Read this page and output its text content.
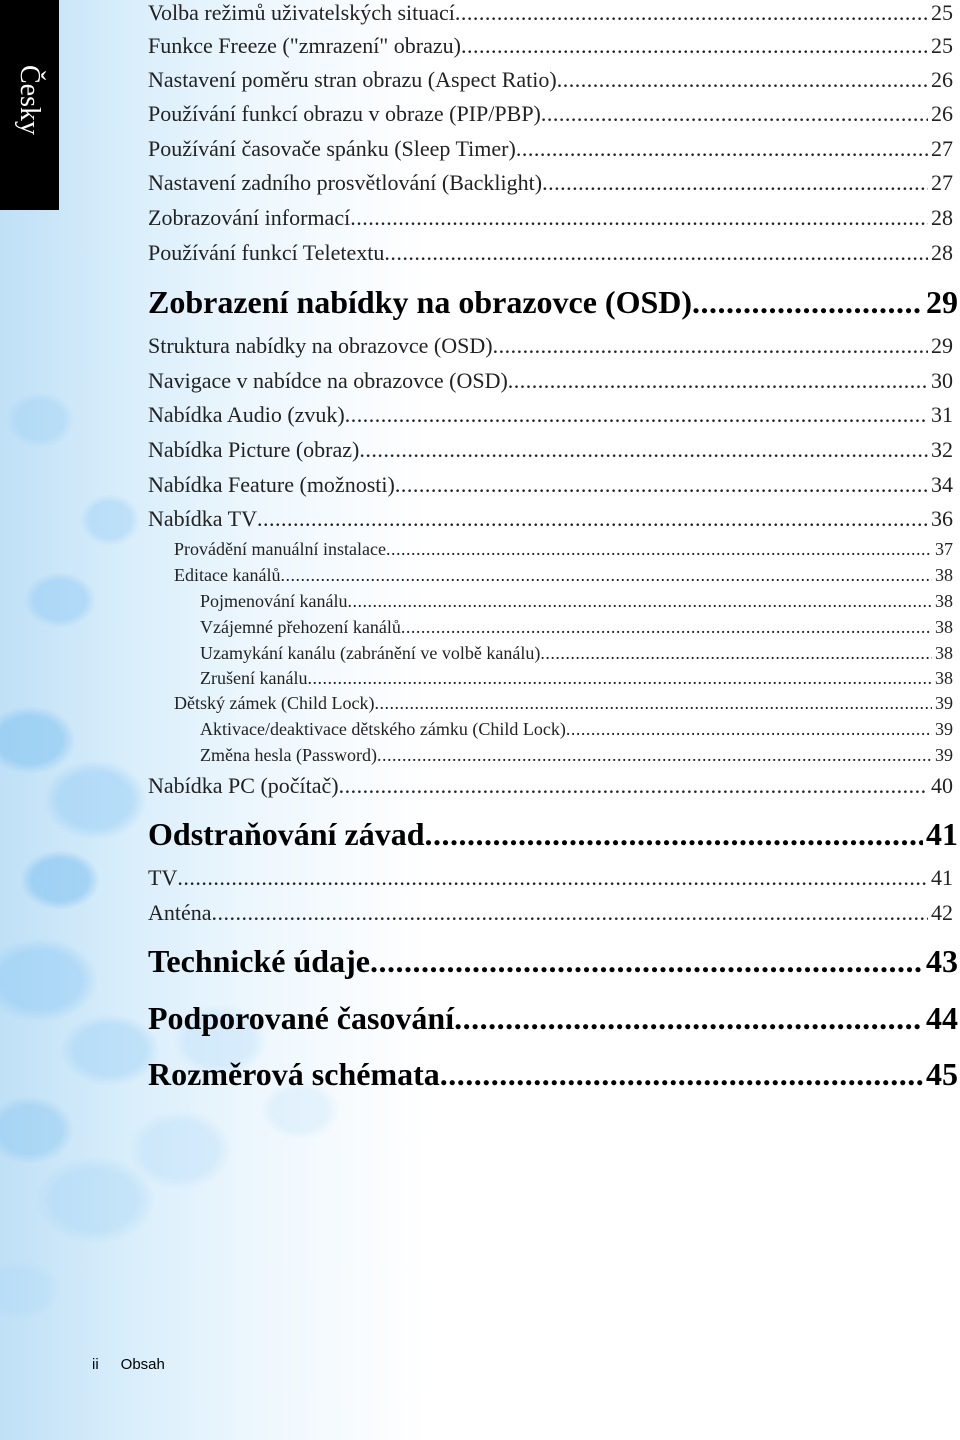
Česky
Volba režimů uživatelských situací .....	25
Funkce Freeze ("zmrazení" obrazu) .....	25
Nastavení poměru stran obrazu (Aspect Ratio) .....	26
Používání funkcí obrazu v obraze (PIP/PBP) .....	26
Používání časovače spánku (Sleep Timer) .....	27
Nastavení zadního prosvětlování (Backlight) .....	27
Zobrazování informací .....	28
Používání funkcí Teletextu .....	28
Zobrazení nabídky na obrazovce (OSD) .....	29
Struktura nabídky na obrazovce (OSD) .....	29
Navigace v nabídce na obrazovce (OSD) .....	30
Nabídka Audio (zvuk) .....	31
Nabídka Picture (obraz) .....	32
Nabídka Feature (možnosti) .....	34
Nabídka TV .....	36
Provádění manuální instalace .....	37
Editace kanálů .....	38
Pojmenování kanálu .....	38
Vzájemné přehození kanálů .....	38
Uzamykání kanálu (zabránění ve volbě kanálu) .....	38
Zrušení kanálu .....	38
Dětský zámek (Child Lock) .....	39
Aktivace/deaktivace dětského zámku (Child Lock) .....	39
Změna hesla (Password) .....	39
Nabídka PC (počítač) .....	40
Odstraňování závad .....	41
TV .....	41
Anténa .....	42
Technické údaje .....	43
Podporované časování .....	44
Rozměrová schémata .....	45
ii Obsah
